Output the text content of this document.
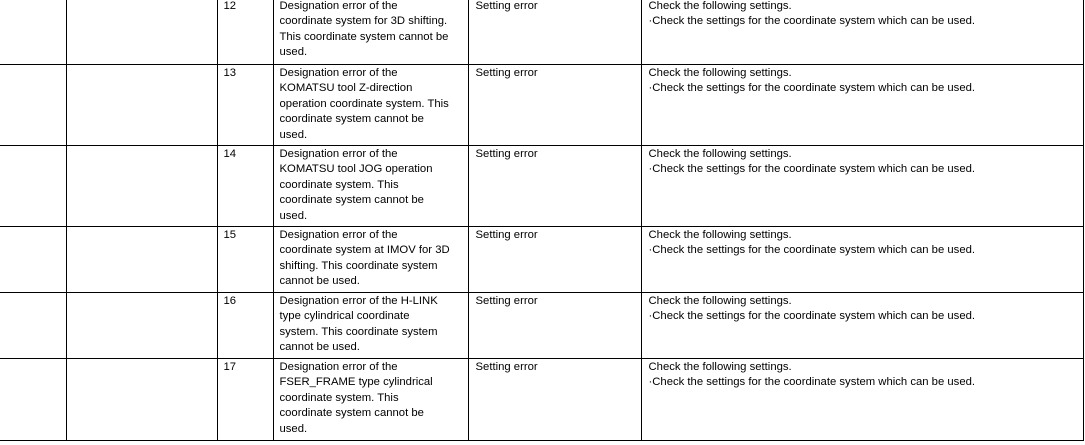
		12	Designation error of the
coordinate system for 3D shifting.
This coordinate system cannot be
used.	Setting error	Check the following settings.
·Check the settings for the coordinate system which can be used.

		13	Designation error of the
KOMATSU tool Z-direction
operation coordinate system. This
coordinate system cannot be
used.	Setting error	Check the following settings.
·Check the settings for the coordinate system which can be used.

		14	Designation error of the
KOMATSU tool JOG operation
coordinate system. This
coordinate system cannot be
used.	Setting error	Check the following settings.
·Check the settings for the coordinate system which can be used.

		15	Designation error of the
coordinate system at IMOV for 3D
shifting. This coordinate system
cannot be used.	Setting error	Check the following settings.
·Check the settings for the coordinate system which can be used.

		16	Designation error of the H-LINK
type cylindrical coordinate
system. This coordinate system
cannot be used.	Setting error	Check the following settings.
·Check the settings for the coordinate system which can be used.

		17	Designation error of the
FSER_FRAME type cylindrical
coordinate system. This
coordinate system cannot be
used.	Setting error	Check the following settings.
·Check the settings for the coordinate system which can be used.
